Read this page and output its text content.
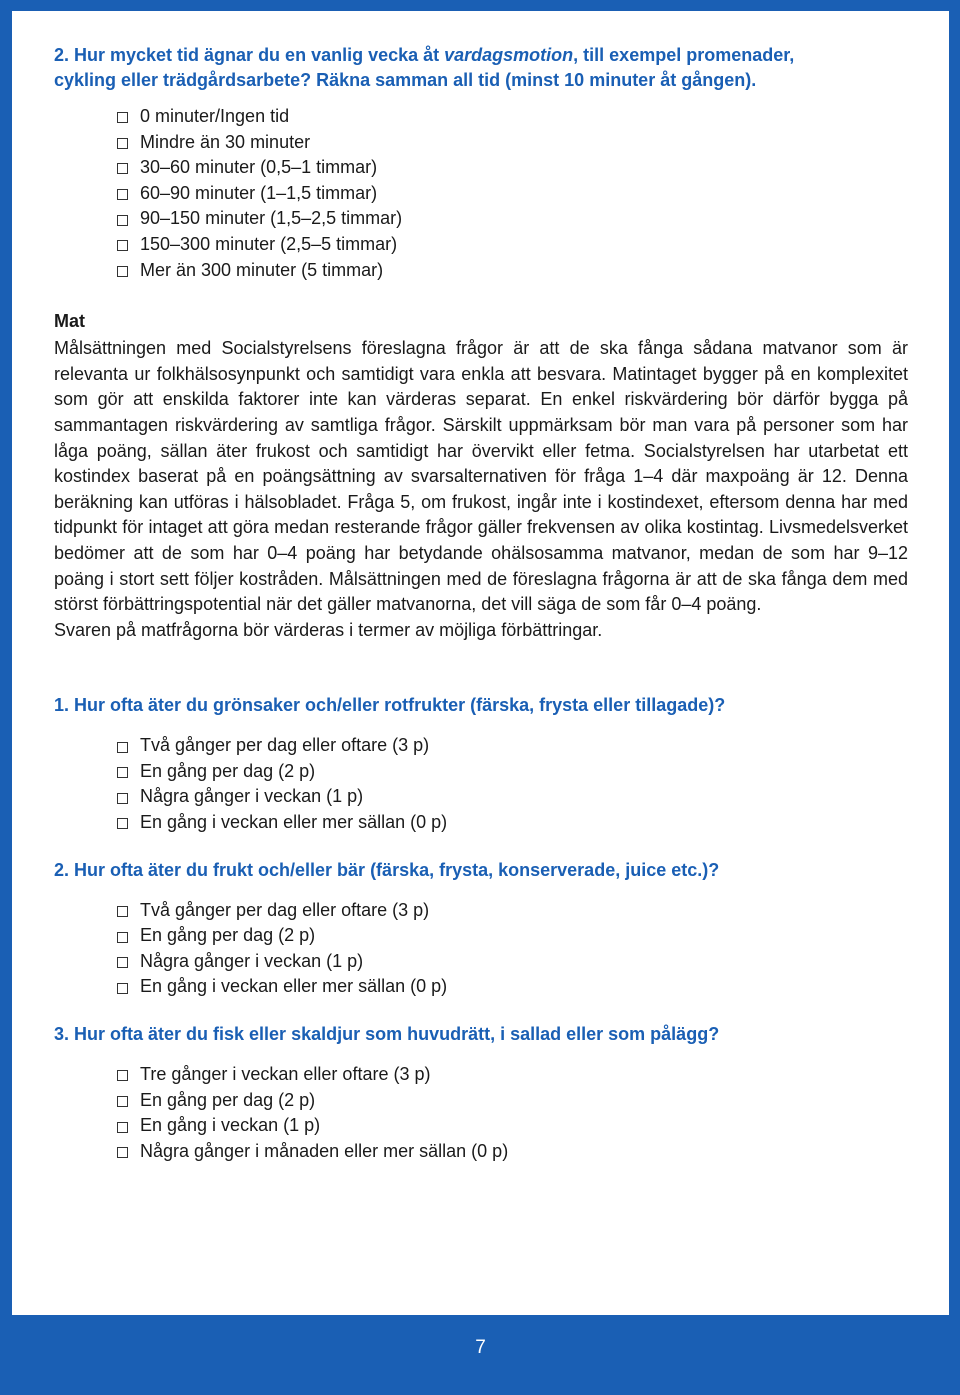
2. Hur mycket tid ägnar du en vanlig vecka åt vardagsmotion, till exempel promenader,
cykling eller trädgårdsarbete? Räkna samman all tid (minst 10 minuter åt gången).
0 minuter/Ingen tid
Mindre än 30 minuter
30–60 minuter (0,5–1 timmar)
60–90 minuter (1–1,5 timmar)
90–150 minuter (1,5–2,5 timmar)
150–300 minuter (2,5–5 timmar)
Mer än 300 minuter (5 timmar)
Mat

Målsättningen med Socialstyrelsens föreslagna frågor är att de ska fånga sådana matvanor som är relevanta ur folkhälsosynpunkt och samtidigt vara enkla att besvara. Matintaget bygger på en komplexitet som gör att enskilda faktorer inte kan värderas separat. En enkel riskvärdering bör därför bygga på sammantagen riskvärdering av samtliga frågor. Särskilt uppmärksam bör man vara på personer som har låga poäng, sällan äter frukost och samtidigt har övervikt eller fetma. Socialstyrelsen har utarbetat ett kostindex baserat på en poängsättning av svarsalternativen för fråga 1–4 där maxpoäng är 12. Denna beräkning kan utföras i hälsobladet. Fråga 5, om frukost, ingår inte i kostindexet, eftersom denna har med tidpunkt för intaget att göra medan resterande frågor gäller frekvensen av olika kostintag. Livsmedelsverket bedömer att de som har 0–4 poäng har betydande ohälsosamma matvanor, medan de som har 9–12 poäng i stort sett följer kostråden. Målsättningen med de föreslagna frågorna är att de ska fånga dem med störst förbättringspotential när det gäller matvanorna, det vill säga de som får 0–4 poäng.

Svaren på matfrågorna bör värderas i termer av möjliga förbättringar.

1. Hur ofta äter du grönsaker och/eller rotfrukter (färska, frysta eller tillagade)?
Två gånger per dag eller oftare (3 p)
En gång per dag (2 p)
Några gånger i veckan (1 p)
En gång i veckan eller mer sällan (0 p)
2. Hur ofta äter du frukt och/eller bär (färska, frysta, konserverade, juice etc.)?
Två gånger per dag eller oftare (3 p)
En gång per dag (2 p)
Några gånger i veckan (1 p)
En gång i veckan eller mer sällan (0 p)
3. Hur ofta äter du fisk eller skaldjur som huvudrätt, i sallad eller som pålägg?
Tre gånger i veckan eller oftare (3 p)
En gång per dag (2 p)
En gång i veckan (1 p)
Några gånger i månaden eller mer sällan (0 p)
7
